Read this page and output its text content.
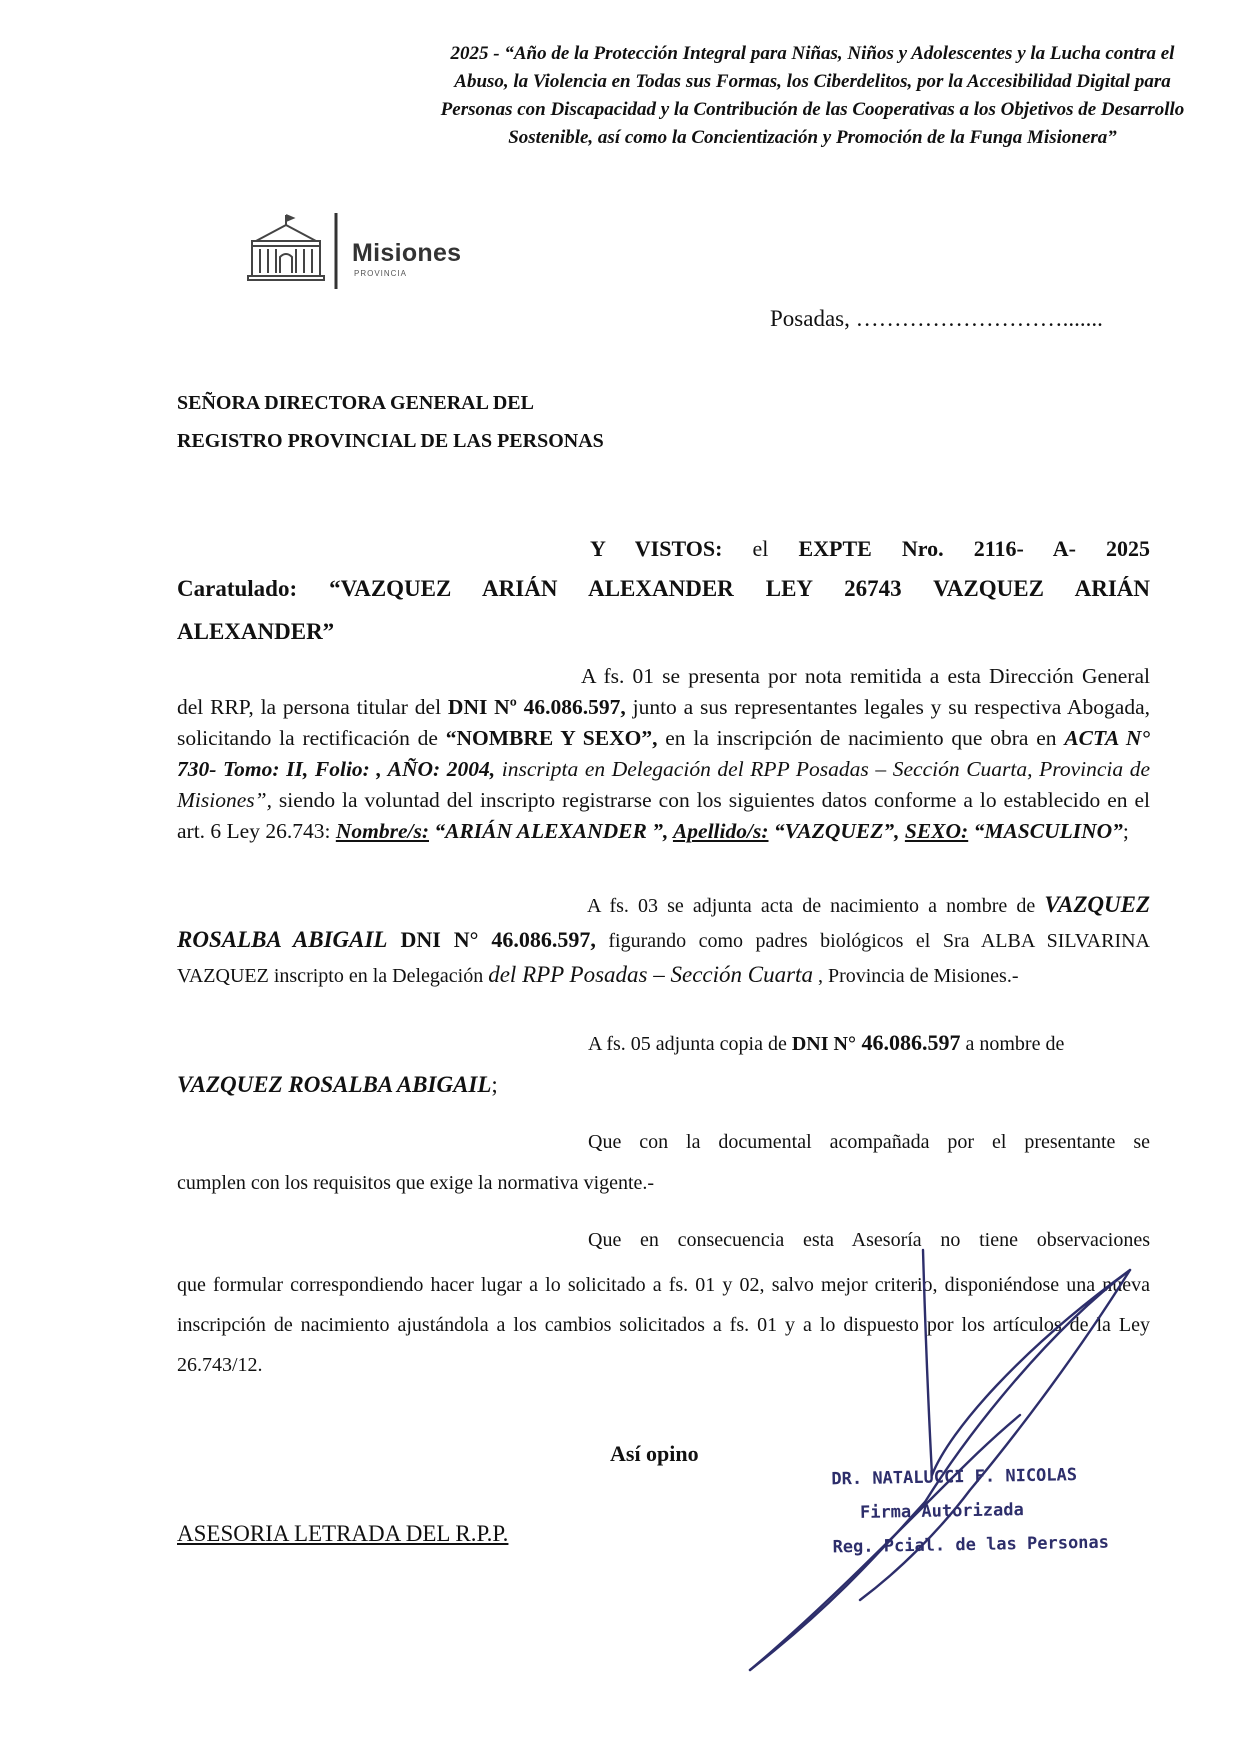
2025 - “Año de la Protección Integral para Niñas, Niños y Adolescentes y la Lucha contra el Abuso, la Violencia en Todas sus Formas, los Ciberdelitos, por la Accesibilidad Digital para Personas con Discapacidad y la Contribución de las Cooperativas a los Objetivos de Desarrollo Sostenible, así como la Concientización y Promoción de la Funga Misionera”
Misiones
PROVINCIA
Posadas, ……………………….......
SEÑORA DIRECTORA GENERAL DEL
REGISTRO PROVINCIAL DE LAS PERSONAS
Y VISTOS: el EXPTE Nro. 2116- A- 2025
Caratulado: “VAZQUEZ ARIÁN ALEXANDER LEY 26743 VAZQUEZ ARIÁN
ALEXANDER”
A fs. 01 se presenta por nota remitida a esta Dirección General del RRP, la persona titular del DNI Nº 46.086.597, junto a sus representantes legales y su respectiva Abogada, solicitando la rectificación de “NOMBRE Y SEXO”, en la inscripción de nacimiento que obra en ACTA N° 730- Tomo: II, Folio: , AÑO: 2004, inscripta en Delegación del RPP Posadas – Sección Cuarta, Provincia de Misiones”, siendo la voluntad del inscripto registrarse con los siguientes datos conforme a lo establecido en el art. 6 Ley 26.743: Nombre/s: “ARIÁN ALEXANDER ”, Apellido/s: “VAZQUEZ”, SEXO: “MASCULINO”;
A fs. 03 se adjunta acta de nacimiento a nombre de VAZQUEZ ROSALBA ABIGAIL DNI N° 46.086.597, figurando como padres biológicos el Sra ALBA SILVARINA VAZQUEZ inscripto en la Delegación del RPP Posadas – Sección Cuarta , Provincia de Misiones.-
A fs. 05 adjunta copia de DNI N° 46.086.597 a nombre de
VAZQUEZ ROSALBA ABIGAIL;
Que con la documental acompañada por el presentante se
cumplen con los requisitos que exige la normativa vigente.-
Que en consecuencia esta Asesoría no tiene observaciones
que formular correspondiendo hacer lugar a lo solicitado a fs. 01 y 02, salvo mejor criterio, disponiéndose una nueva inscripción de nacimiento ajustándola a los cambios solicitados a fs. 01 y a lo dispuesto por los artículos de la Ley 26.743/12.
Así opino
ASESORIA LETRADA DEL R.P.P.
DR. NATALUCCI F. NICOLAS
Firma Autorizada
Reg. Pcial. de las Personas
